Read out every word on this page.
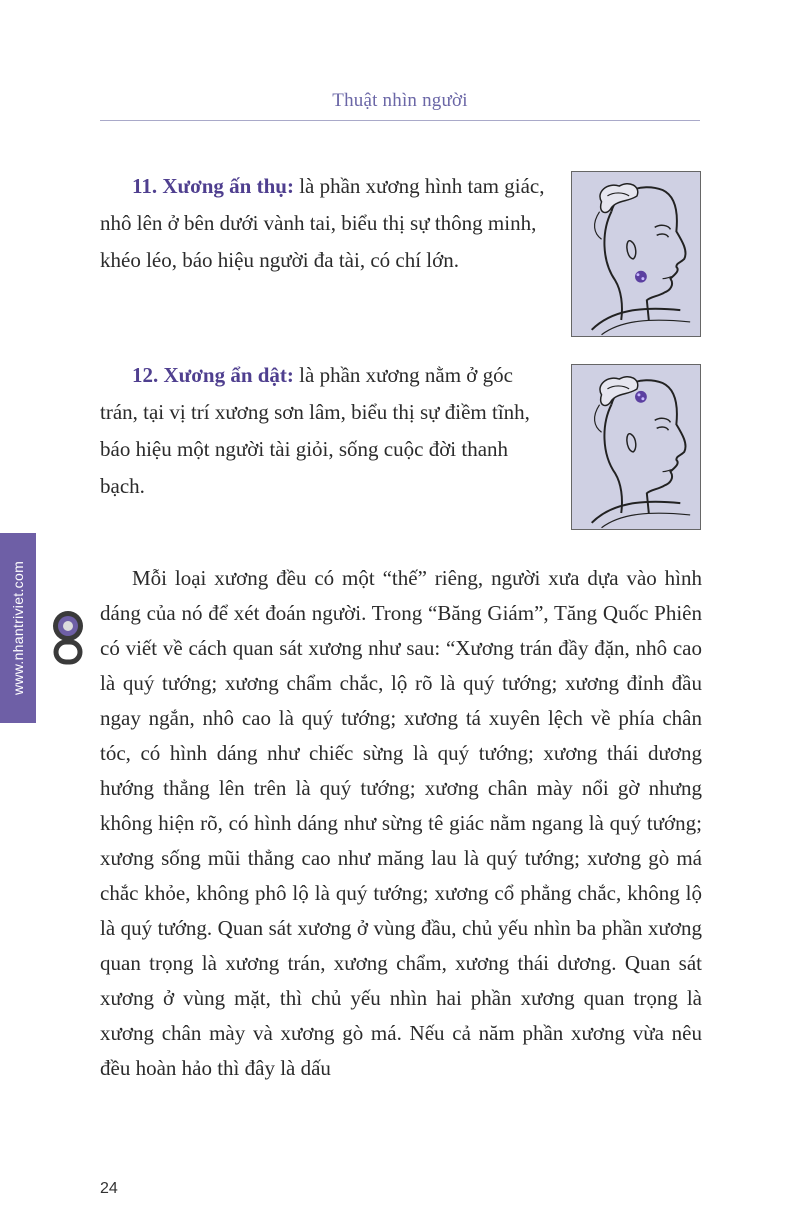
Thuật nhìn người

11. Xương ấn thụ: là phần xương hình tam giác, nhô lên ở bên dưới vành tai, biểu thị sự thông minh, khéo léo, báo hiệu người đa tài, có chí lớn.

12. Xương ẩn dật: là phần xương nằm ở góc trán, tại vị trí xương sơn lâm, biểu thị sự điềm tĩnh, báo hiệu một người tài giỏi, sống cuộc đời thanh bạch.

Mỗi loại xương đều có một “thế” riêng, người xưa dựa vào hình dáng của nó để xét đoán người. Trong “Băng Giám”, Tăng Quốc Phiên có viết về cách quan sát xương như sau: “Xương trán đầy đặn, nhô cao là quý tướng; xương chẩm chắc, lộ rõ là quý tướng; xương đỉnh đầu ngay ngắn, nhô cao là quý tướng; xương tá xuyên lệch về phía chân tóc, có hình dáng như chiếc sừng là quý tướng; xương thái dương hướng thẳng lên trên là quý tướng; xương chân mày nổi gờ nhưng không hiện rõ, có hình dáng như sừng tê giác nằm ngang là quý tướng; xương sống mũi thẳng cao như măng lau là quý tướng; xương gò má chắc khỏe, không phô lộ là quý tướng; xương cổ phẳng chắc, không lộ là quý tướng. Quan sát xương ở vùng đầu, chủ yếu nhìn ba phần xương quan trọng là xương trán, xương chẩm, xương thái dương. Quan sát xương ở vùng mặt, thì chủ yếu nhìn hai phần xương quan trọng là xương chân mày và xương gò má. Nếu cả năm phần xương vừa nêu đều hoàn hảo thì đây là dấu

www.nhantriviet.com
24
